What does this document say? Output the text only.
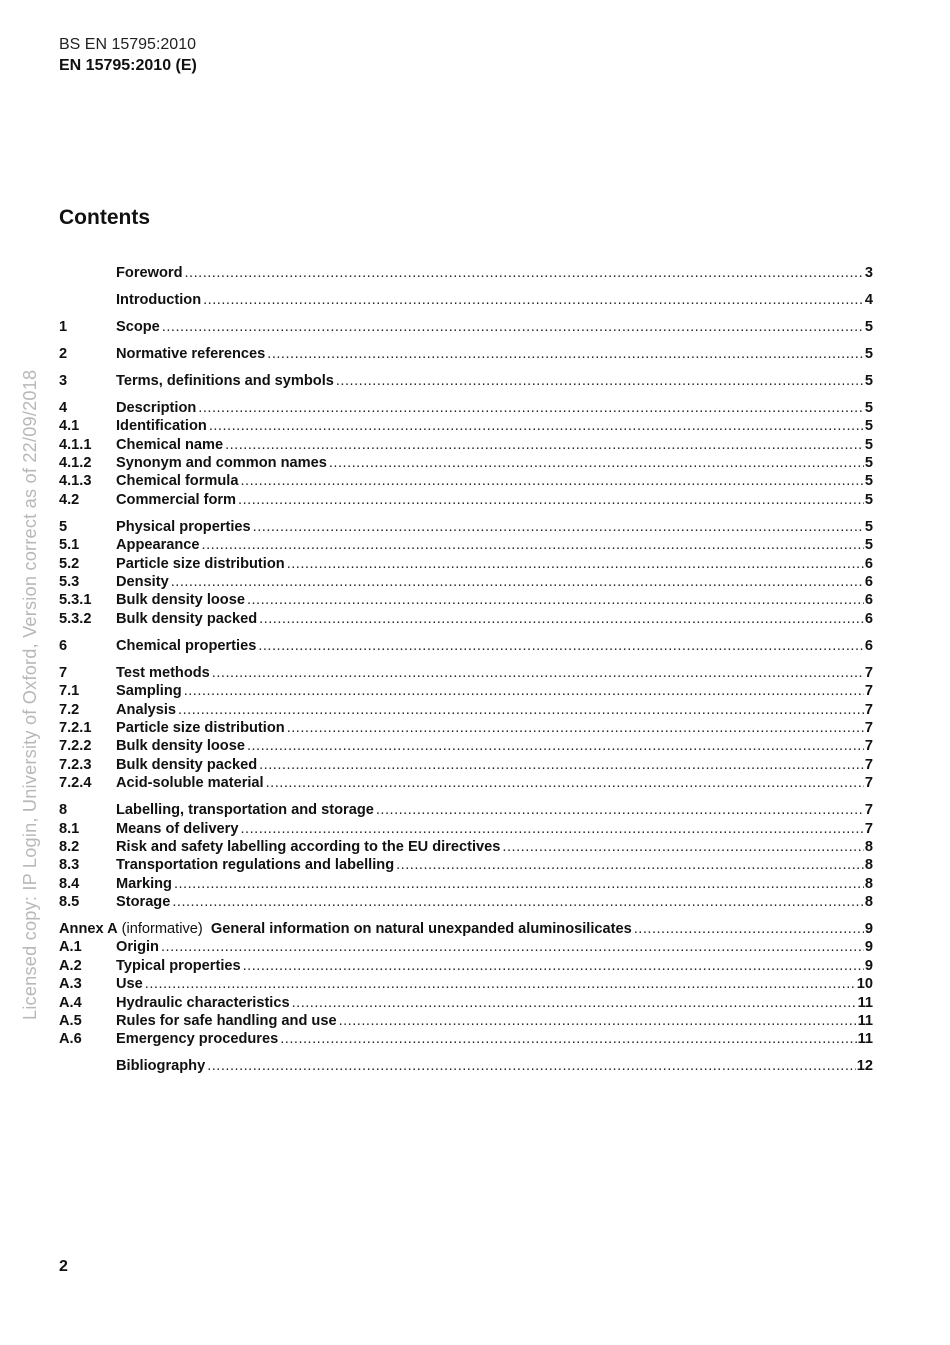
BS EN 15795:2010
EN 15795:2010 (E)
Contents
Foreword .....	3
Introduction .....	4
1	Scope .....	5
2	Normative references .....	5
3	Terms, definitions and symbols .....	5
4	Description .....	5
4.1	Identification .....	5
4.1.1	Chemical name .....	5
4.1.2	Synonym and common names .....	5
4.1.3	Chemical formula .....	5
4.2	Commercial form .....	5
5	Physical properties .....	5
5.1	Appearance .....	5
5.2	Particle size distribution .....	6
5.3	Density .....	6
5.3.1	Bulk density loose .....	6
5.3.2	Bulk density packed .....	6
6	Chemical properties .....	6
7	Test methods .....	7
7.1	Sampling .....	7
7.2	Analysis .....	7
7.2.1	Particle size distribution .....	7
7.2.2	Bulk density loose .....	7
7.2.3	Bulk density packed .....	7
7.2.4	Acid-soluble material .....	7
8	Labelling, transportation and storage .....	7
8.1	Means of delivery .....	7
8.2	Risk and safety labelling according to the EU directives .....	8
8.3	Transportation regulations and labelling .....	8
8.4	Marking .....	8
8.5	Storage .....	8
Annex A (informative) General information on natural unexpanded aluminosilicates .....	9
A.1	Origin .....	9
A.2	Typical properties .....	9
A.3	Use .....	10
A.4	Hydraulic characteristics .....	11
A.5	Rules for safe handling and use .....	11
A.6	Emergency procedures .....	11
Bibliography .....	12
2
Licensed copy: IP Login, University of Oxford, Version correct as of 22/09/2018
